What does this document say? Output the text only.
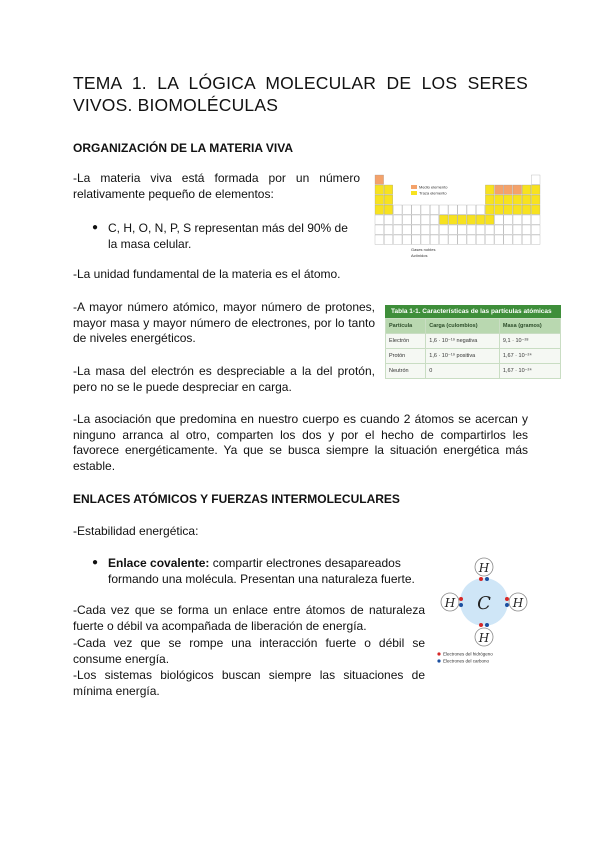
TEMA 1. LA LÓGICA MOLECULAR DE LOS SERES
VIVOS. BIOMOLÉCULAS
ORGANIZACIÓN DE LA MATERIA VIVA
-La materia viva está formada por un número relativamente pequeño de elementos:
● C, H, O, N, P, S representan más del 90% de la masa celular.
-La unidad fundamental de la materia es el átomo.
-A mayor número atómico, mayor número de protones, mayor masa y mayor número de electrones, por lo tanto de niveles energéticos.
-La masa del electrón es despreciable a la del protón, pero no se le puede despreciar en carga.
-La asociación que predomina en nuestro cuerpo es cuando 2 átomos se acercan y ninguno arranca al otro, comparten los dos y por el hecho de compartirlos les favorece energéticamente. Ya que se busca siempre la situación energética más estable.
Medio elemento
Traza elemento
Gases nobles
Actínidos
Tabla 1-1. Características de las partículas atómicas
Partícula	Carga (culombios)	Masa (gramos)
Electrón	1,6 · 10⁻¹⁹ negativa	9,1 · 10⁻²⁸
Protón	1,6 · 10⁻¹⁹ positiva	1,67 · 10⁻²⁴
Neutrón	0	1,67 · 10⁻²⁴
ENLACES ATÓMICOS Y FUERZAS INTERMOLECULARES
-Estabilidad energética:
● Enlace covalente: compartir electrones desapareados formando una molécula. Presentan una naturaleza fuerte.
-Cada vez que se forma un enlace entre átomos de naturaleza fuerte o débil va acompañada de liberación de energía.
-Cada vez que se rompe una interacción fuerte o débil se consume energía.
-Los sistemas biológicos buscan siempre las situaciones de mínima energía.
C
H
H
H	H
Electrones del hidrógeno
Electrones del carbono
